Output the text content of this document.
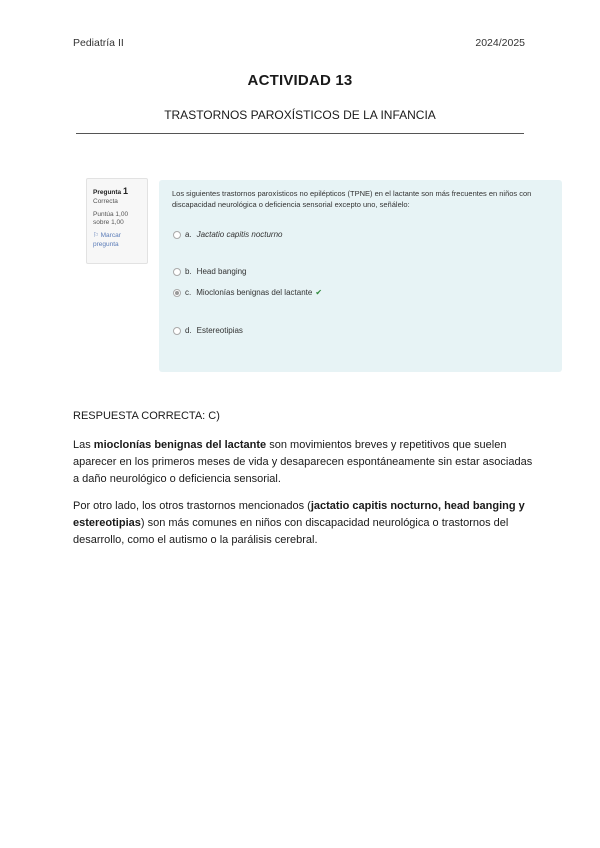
Pediatría II	2024/2025
ACTIVIDAD 13
TRASTORNOS PAROXÍSTICOS DE LA INFANCIA
Pregunta 1
Correcta
Puntúa 1,00 sobre 1,00
⚐ Marcar pregunta
Los siguientes trastornos paroxísticos no epilépticos (TPNE) en el lactante son más frecuentes en niños con discapacidad neurológica o deficiencia sensorial excepto uno, señálelo:
a. Jactatio capitis nocturno
b. Head banging
c. Mioclonías benignas del lactante ✔
d. Estereotipias
RESPUESTA CORRECTA: C)
Las mioclonías benignas del lactante son movimientos breves y repetitivos que suelen aparecer en los primeros meses de vida y desaparecen espontáneamente sin estar asociadas a daño neurológico o deficiencia sensorial.
Por otro lado, los otros trastornos mencionados (jactatio capitis nocturno, head banging y estereotipias) son más comunes en niños con discapacidad neurológica o trastornos del desarrollo, como el autismo o la parálisis cerebral.
